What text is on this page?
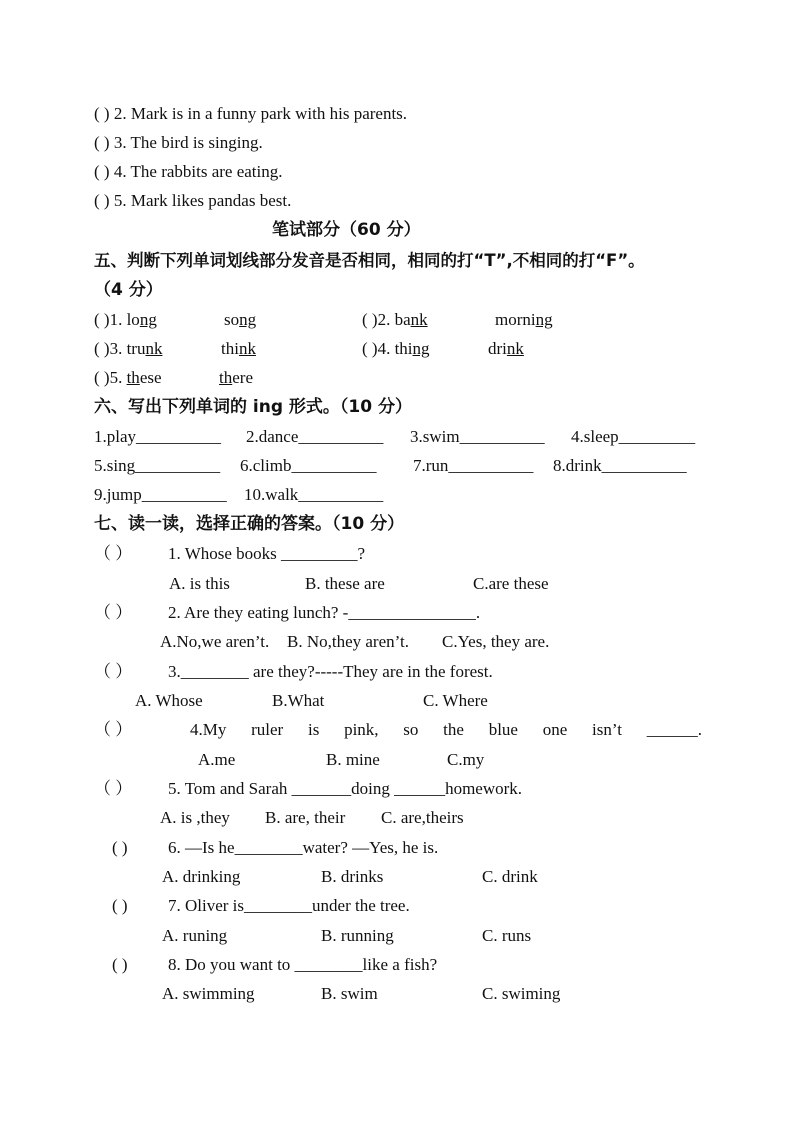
( ) 2. Mark is in a funny park with his parents.
( ) 3. The bird is singing.
( ) 4. The rabbits are eating.
( ) 5. Mark likes pandas best.
笔试部分（60 分）
五、判断下列单词划线部分发音是否相同，相同的打“T”,不相同的打“F”。
（4 分）
( )1. long	song	( )2. bank	morning
( )3. trunk	think	( )4. thing	drink
( )5. these	there
六、写出下列单词的 ing 形式。（10 分）
1.play__________ 2.dance__________ 3.swim__________ 4.sleep_________
5.sing__________ 6.climb__________ 7.run__________ 8.drink__________
9.jump__________ 10.walk__________
七、读一读，选择正确的答案。（10 分）
（ ） 1. Whose books _________?
A. is this	B. these are	C.are these
（ ） 2. Are they eating lunch? -_______________.
A.No,we aren’t. B. No,they aren’t. C.Yes, they are.
（ ） 3.________ are they?-----They are in the forest.
A. Whose	B.What	C. Where
（ ）	4.My ruler is pink, so the blue one isn’t ______.
A.me	B. mine	C.my
（ ） 5. Tom and Sarah _______doing ______homework.
A. is ,they B. are, their C. are,theirs
( ) 6. —Is he________water? —Yes, he is.
A. drinking	B. drinks	C. drink
( ) 7. Oliver is________under the tree.
A. runing	B. running	C. runs
( ) 8. Do you want to ________like a fish?
A. swimming	B. swim	C. swiming
